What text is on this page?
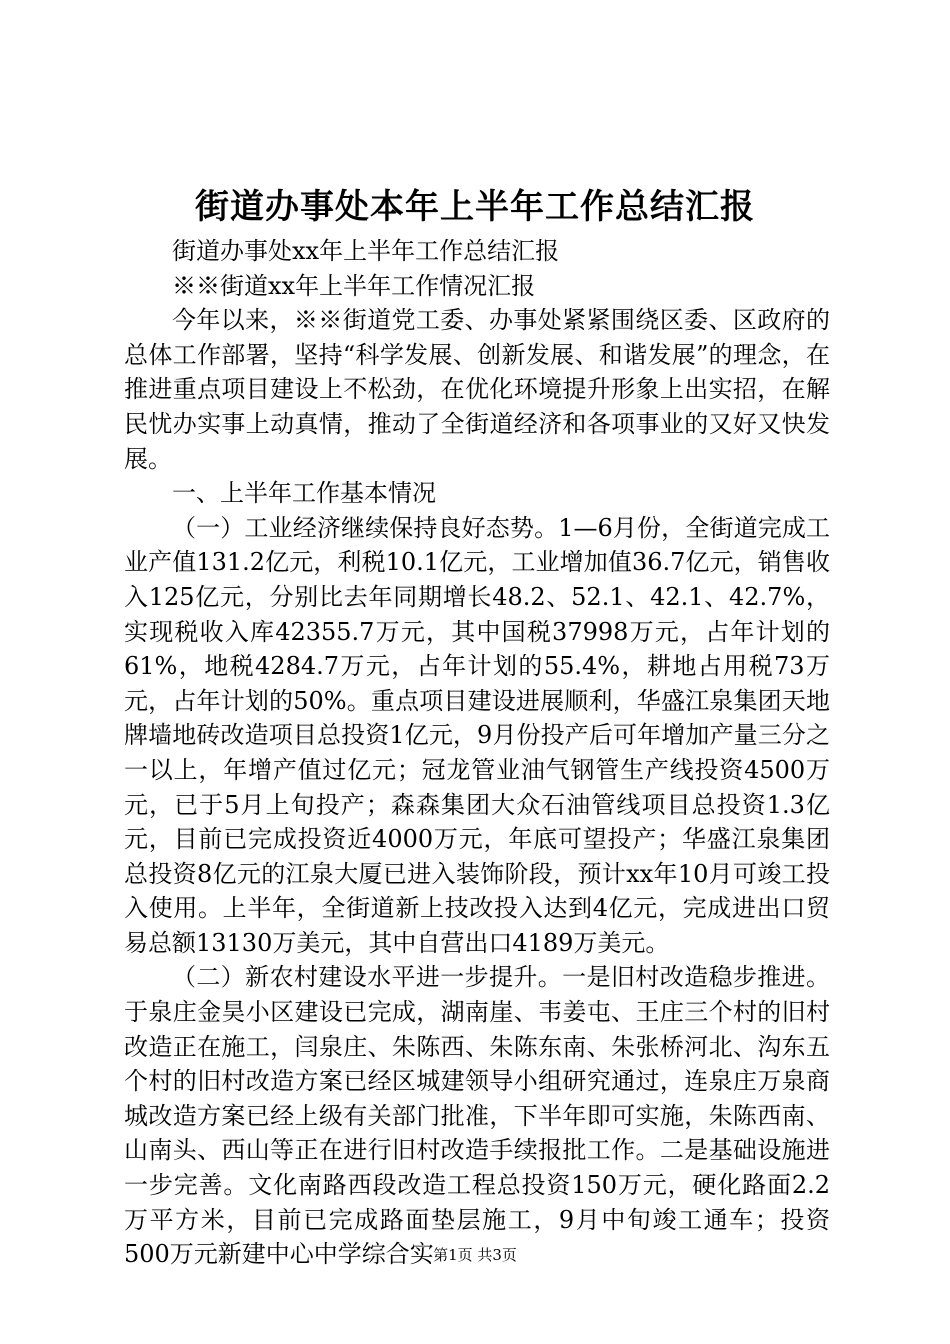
街道办事处本年上半年工作总结汇报

街道办事处xx年上半年工作总结汇报

※※街道xx年上半年工作情况汇报

今年以来，※※街道党工委、办事处紧紧围绕区委、区政府的总体工作部署，坚持“科学发展、创新发展、和谐发展”的理念，在推进重点项目建设上不松劲，在优化环境提升形象上出实招，在解民忧办实事上动真情，推动了全街道经济和各项事业的又好又快发展。

一、上半年工作基本情况

（一）工业经济继续保持良好态势。1—6月份，全街道完成工业产值131.2亿元，利税10.1亿元，工业增加值36.7亿元，销售收入125亿元，分别比去年同期增长48.2、52.1、42.1、42.7%，实现税收入库42355.7万元，其中国税37998万元，占年计划的61%，地税4284.7万元，占年计划的55.4%，耕地占用税73万元，占年计划的50%。重点项目建设进展顺利，华盛江泉集团天地牌墙地砖改造项目总投资1亿元，9月份投产后可年增加产量三分之一以上，年增产值过亿元；冠龙管业油气钢管生产线投资4500万元，已于5月上旬投产；森森集团大众石油管线项目总投资1.3亿元，目前已完成投资近4000万元，年底可望投产；华盛江泉集团总投资8亿元的江泉大厦已进入装饰阶段，预计xx年10月可竣工投入使用。上半年，全街道新上技改投入达到4亿元，完成进出口贸易总额13130万美元，其中自营出口4189万美元。

（二）新农村建设水平进一步提升。一是旧村改造稳步推进。于泉庄金昊小区建设已完成，湖南崖、韦姜屯、王庄三个村的旧村改造正在施工，闫泉庄、朱陈西、朱陈东南、朱张桥河北、沟东五个村的旧村改造方案已经区城建领导小组研究通过，连泉庄万泉商城改造方案已经上级有关部门批准，下半年即可实施，朱陈西南、山南头、西山等正在进行旧村改造手续报批工作。二是基础设施进一步完善。文化南路西段改造工程总投资150万元，硬化路面2.2万平方米，目前已完成路面垫层施工，9月中旬竣工通车；投资500万元新建中心中学综合实 第1页 共3页
